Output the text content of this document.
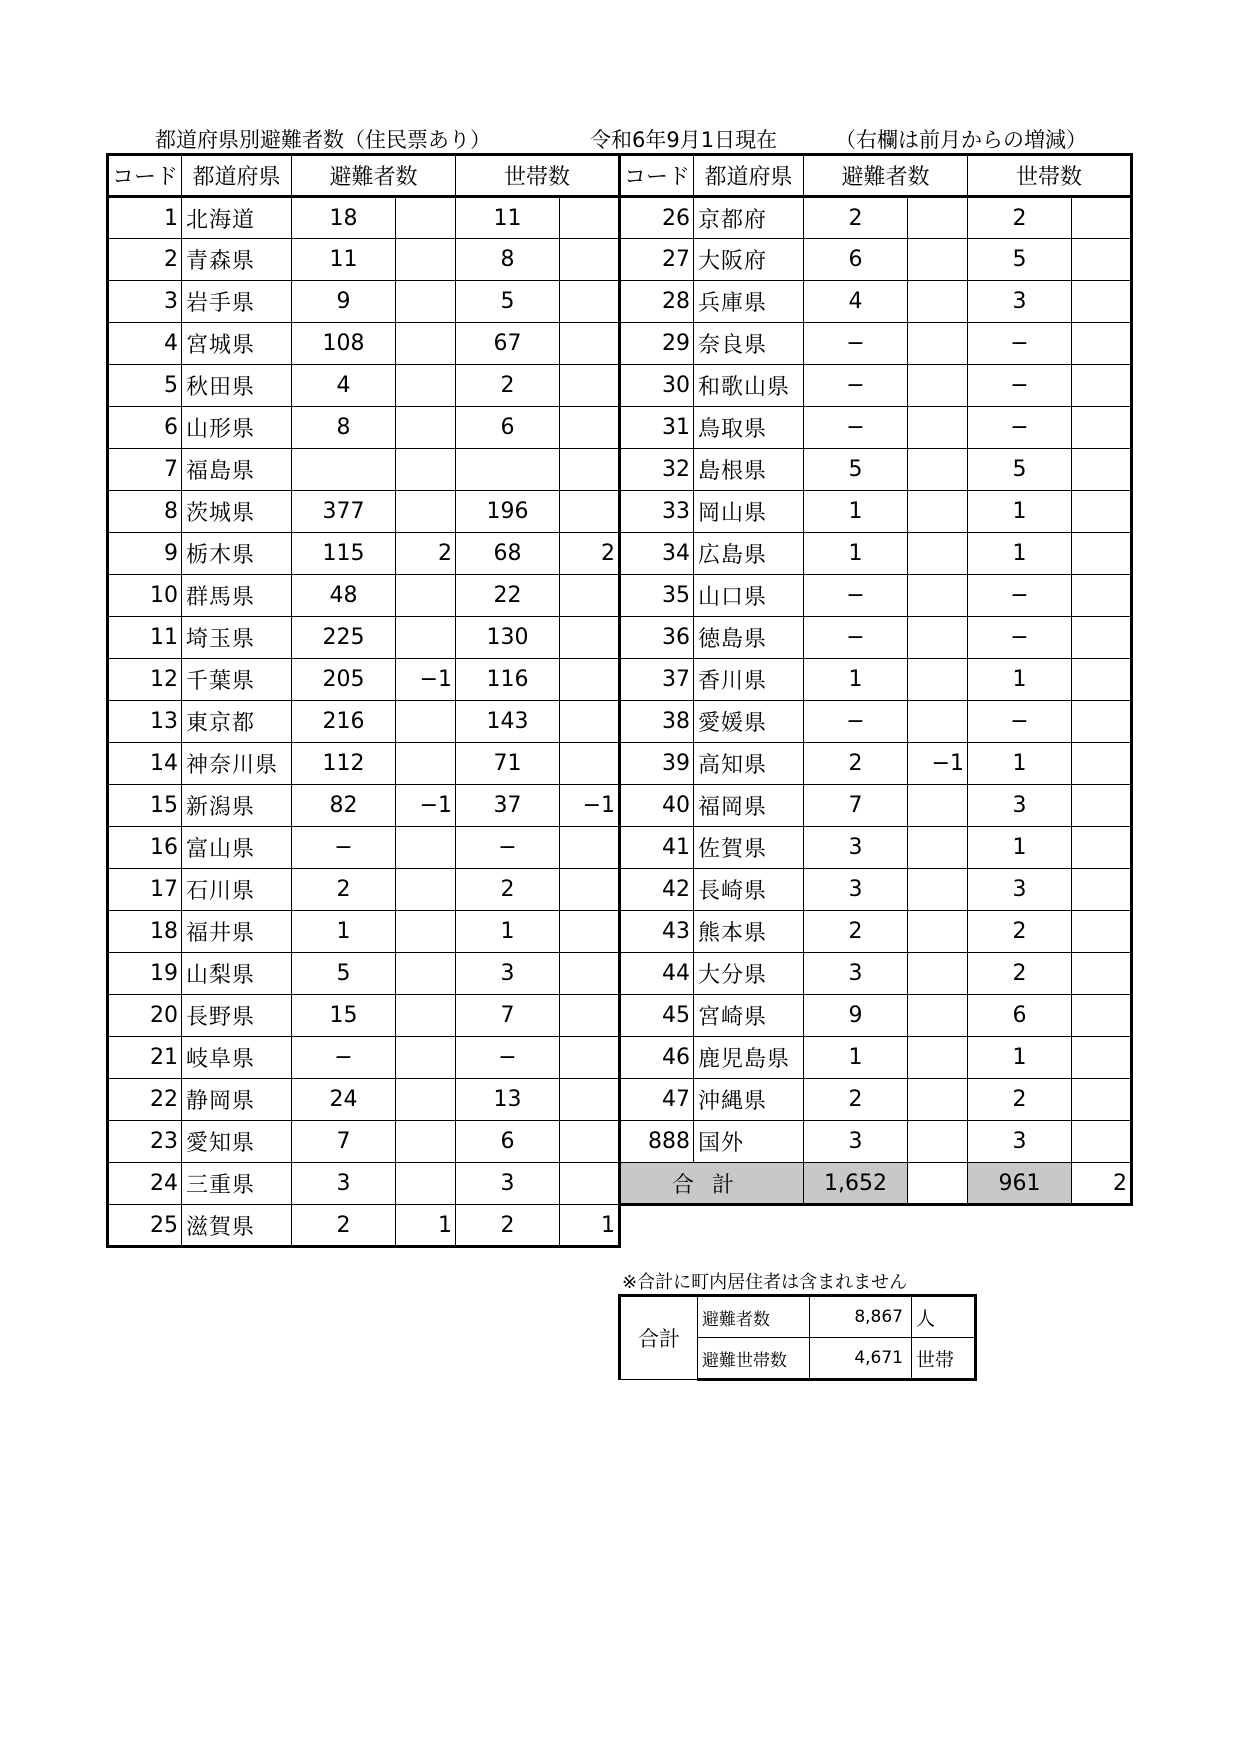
都道府県別避難者数（住民票あり）	令和6年9月1日現在	（右欄は前月からの増減）
コード	都道府県	避難者数		世帯数	
1	北海道	18		11	
2	青森県	11		8	
3	岩手県	9		5	
4	宮城県	108		67	
5	秋田県	4		2	
6	山形県	8		6	
7	福島県				
8	茨城県	377		196	
9	栃木県	115	2	68	2
10	群馬県	48		22	
11	埼玉県	225		130	
12	千葉県	205	−1	116	
13	東京都	216		143	
14	神奈川県	112		71	
15	新潟県	82	−1	37	−1
16	富山県	−		−	
17	石川県	2		2	
18	福井県	1		1	
19	山梨県	5		3	
20	長野県	15		7	
21	岐阜県	−		−	
22	静岡県	24		13	
23	愛知県	7		6	
24	三重県	3		3	
25	滋賀県	2	1	2	1
コード	都道府県	避難者数		世帯数	
26	京都府	2		2	
27	大阪府	6		5	
28	兵庫県	4		3	
29	奈良県	−		−	
30	和歌山県	−		−	
31	鳥取県	−		−	
32	島根県	5		5	
33	岡山県	1		1	
34	広島県	1		1	
35	山口県	−		−	
36	徳島県	−		−	
37	香川県	1		1	
38	愛媛県	−		−	
39	高知県	2	−1	1	
40	福岡県	7		3	
41	佐賀県	3		1	
42	長崎県	3		3	
43	熊本県	2		2	
44	大分県	3		2	
45	宮崎県	9		6	
46	鹿児島県	1		1	
47	沖縄県	2		2	
888	国外	3		3	
合計		1,652		961	2
※合計に町内居住者は含まれません
合計	避難者数	8,867	人
	避難世帯数	4,671	世帯
